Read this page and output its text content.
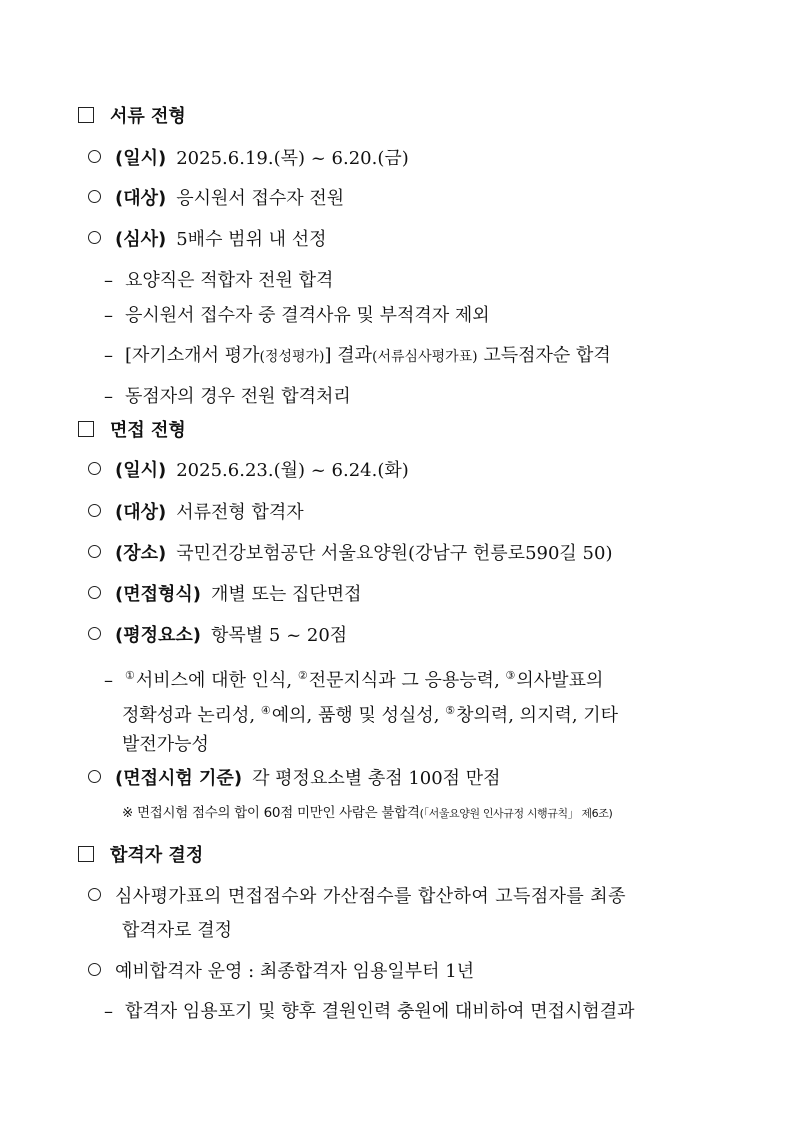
서류 전형
(일시) 2025.6.19.(목) ~ 6.20.(금)
(대상) 응시원서 접수자 전원
(심사) 5배수 범위 내 선정
– 요양직은 적합자 전원 합격
– 응시원서 접수자 중 결격사유 및 부적격자 제외
– [자기소개서 평가(정성평가)] 결과(서류심사평가표) 고득점자순 합격
– 동점자의 경우 전원 합격처리
면접 전형
(일시) 2025.6.23.(월) ~ 6.24.(화)
(대상) 서류전형 합격자
(장소) 국민건강보험공단 서울요양원(강남구 헌릉로590길 50)
(면접형식) 개별 또는 집단면접
(평정요소) 항목별 5 ~ 20점
– ①서비스에 대한 인식, ②전문지식과 그 응용능력, ③의사발표의
정확성과 논리성, ④예의, 품행 및 성실성, ⑤창의력, 의지력, 기타
발전가능성
(면접시험 기준) 각 평정요소별 총점 100점 만점
※ 면접시험 점수의 합이 60점 미만인 사람은 불합격(「서울요양원 인사규정 시행규칙」 제6조)
합격자 결정
심사평가표의 면접점수와 가산점수를 합산하여 고득점자를 최종
합격자로 결정
예비합격자 운영 : 최종합격자 임용일부터 1년
– 합격자 임용포기 및 향후 결원인력 충원에 대비하여 면접시험결과
